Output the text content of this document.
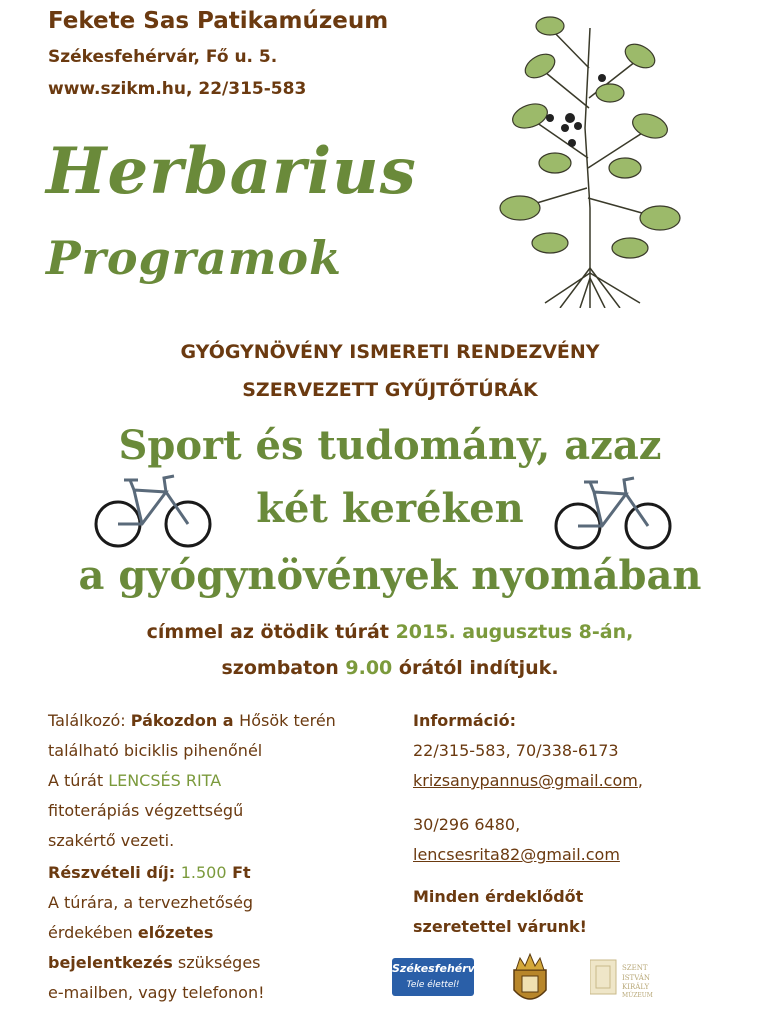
Fekete Sas Patikamúzeum
Székesfehérvár, Fő u. 5.
www.szikm.hu, 22/315-583
Herbarius
Programok
GYÓGYNÖVÉNY ISMERETI RENDEZVÉNY
SZERVEZETT GYŰJTŐTÚRÁK
Sport és tudomány, azaz
két keréken
a gyógynövények nyomában
címmel az ötödik túrát 2015. augusztus 8-án,
szombaton 9.00 órától indítjuk.
Találkozó: Pákozdon a Hősök terén
található biciklis pihenőnél
A túrát LENCSÉS RITA
fitoterápiás végzettségű
szakértő vezeti.
Részvételi díj: 1.500 Ft
A túrára, a tervezhetőség
érdekében előzetes
bejelentkezés szükséges
e-mailben, vagy telefonon!
Információ:
22/315-583, 70/338-6173
krizsanypannus@gmail.com,
30/296 6480,
lencsesrita82@gmail.com
Minden érdeklődőt
szeretettel várunk!
Székesfehérvár
Tele élettel!
SZENT
ISTVÁN
KIRÁLY
MÚZEUM
